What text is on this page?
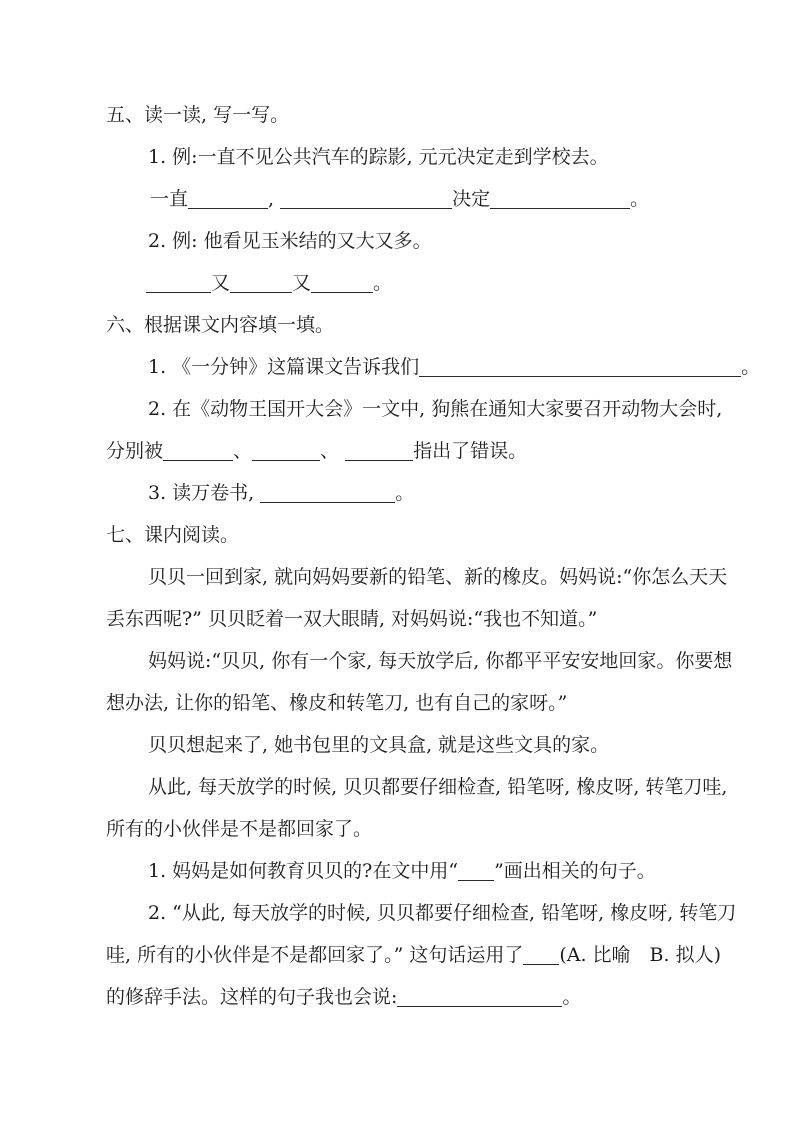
五、读一读, 写一写。
1. 例:一直不见公共汽车的踪影, 元元决定走到学校去。
一直	,	决定	。
2. 例: 他看见玉米结的又大又多。
又	又	。
六、根据课文内容填一填。
1. 《一分钟》这篇课文告诉我们	。
2. 在《动物王国开大会》一文中, 狗熊在通知大家要召开动物大会时,
分别被	、	、	指出了错误。
3. 读万卷书,	。
七、课内阅读。
贝贝一回到家, 就向妈妈要新的铅笔、新的橡皮。妈妈说:“你怎么天天
丢东西呢?” 贝贝眨着一双大眼睛, 对妈妈说:“我也不知道。”
妈妈说:“贝贝, 你有一个家, 每天放学后, 你都平平安安地回家。你要想
想办法, 让你的铅笔、橡皮和转笔刀, 也有自己的家呀。”
贝贝想起来了, 她书包里的文具盒, 就是这些文具的家。
从此, 每天放学的时候, 贝贝都要仔细检查, 铅笔呀, 橡皮呀, 转笔刀哇,
所有的小伙伴是不是都回家了。
1. 妈妈是如何教育贝贝的?在文中用“ ”画出相关的句子。
2. “从此, 每天放学的时候, 贝贝都要仔细检查, 铅笔呀, 橡皮呀, 转笔刀
哇, 所有的小伙伴是不是都回家了。” 这句话运用了 (A. 比喻　B. 拟人)
的修辞手法。这样的句子我也会说:	。
